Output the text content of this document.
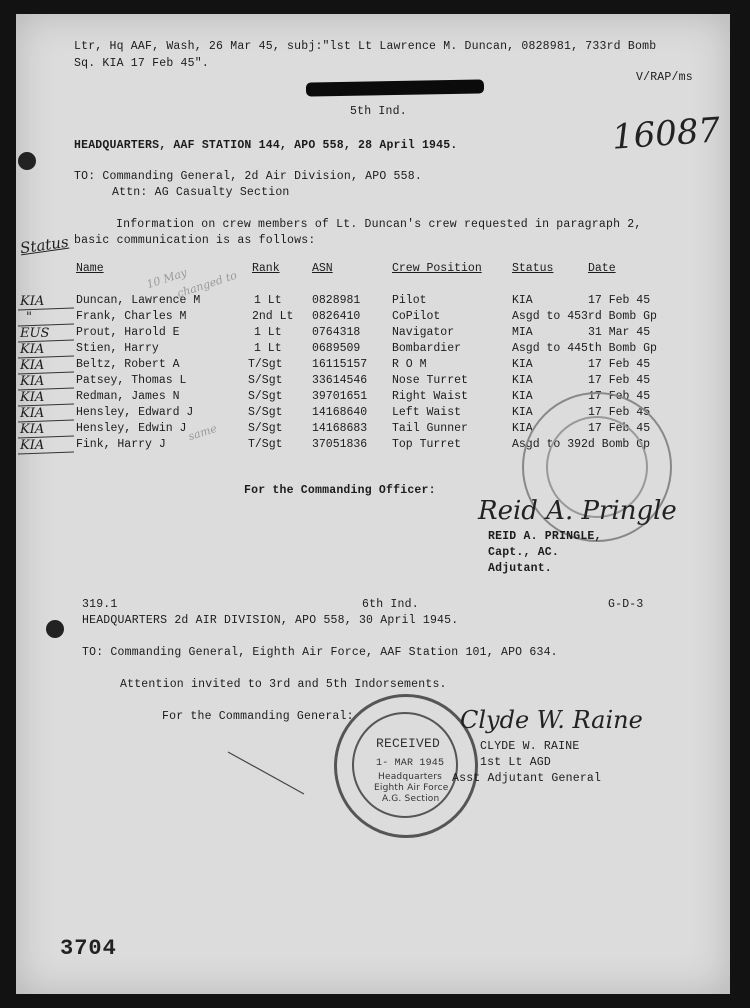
Ltr, Hq AAF, Wash, 26 Mar 45, subj:"lst Lt Lawrence M. Duncan, 0828981, 733rd Bomb
Sq. KIA 17 Feb 45".
V/RAP/ms
16087
5th Ind.
HEADQUARTERS, AAF STATION 144, APO 558, 28 April 1945.
TO: Commanding General, 2d Air Division, APO 558.
Attn: AG Casualty Section
Information on crew members of Lt. Duncan's crew requested in paragraph 2,
basic communication is as follows:
Status
Name	Rank	ASN	Crew Position	Status	Date
KIA	Duncan, Lawrence M	1 Lt	0828981	Pilot	KIA	17 Feb 45
"	Frank, Charles M	2nd Lt 0826410	CoPilot	Asgd to 453rd Bomb Gp
EUS Prout, Harold E	1 Lt	0764318	Navigator	MIA	31 Mar 45
KIA	Stien, Harry	1 Lt	0689509	Bombardier	Asgd to 445th Bomb Gp
KIA	Beltz, Robert A	T/Sgt	16115157 R O M	KIA	17 Feb 45
KIA	Patsey, Thomas L	S/Sgt	33614546 Nose Turret	KIA	17 Feb 45
KIA	Redman, James N	S/Sgt	39701651 Right Waist	KIA	17 Feb 45
KIA	Hensley, Edward J	S/Sgt	14168640 Left Waist	KIA	17 Feb 45
KIA	Hensley, Edwin J	S/Sgt	14168683 Tail Gunner	KIA	17 Feb 45
KIA	Fink, Harry J	T/Sgt	37051836 Top Turret	Asgd to 392d Bomb Gp
10 May
changed to
same
For the Commanding Officer:
Reid A. Pringle
REID A. PRINGLE,
Capt., AC.
Adjutant.
319.1	6th Ind.	G-D-3
HEADQUARTERS 2d AIR DIVISION, APO 558, 30 April 1945.
TO: Commanding General, Eighth Air Force, AAF Station 101, APO 634.
Attention invited to 3rd and 5th Indorsements.
For the Commanding General:
RECEIVED
1- MAR 1945
Headquarters
Eighth Air Force
A.G. Section
Clyde W. Raine
CLYDE W. RAINE
1st Lt AGD
Asst Adjutant General
3704
